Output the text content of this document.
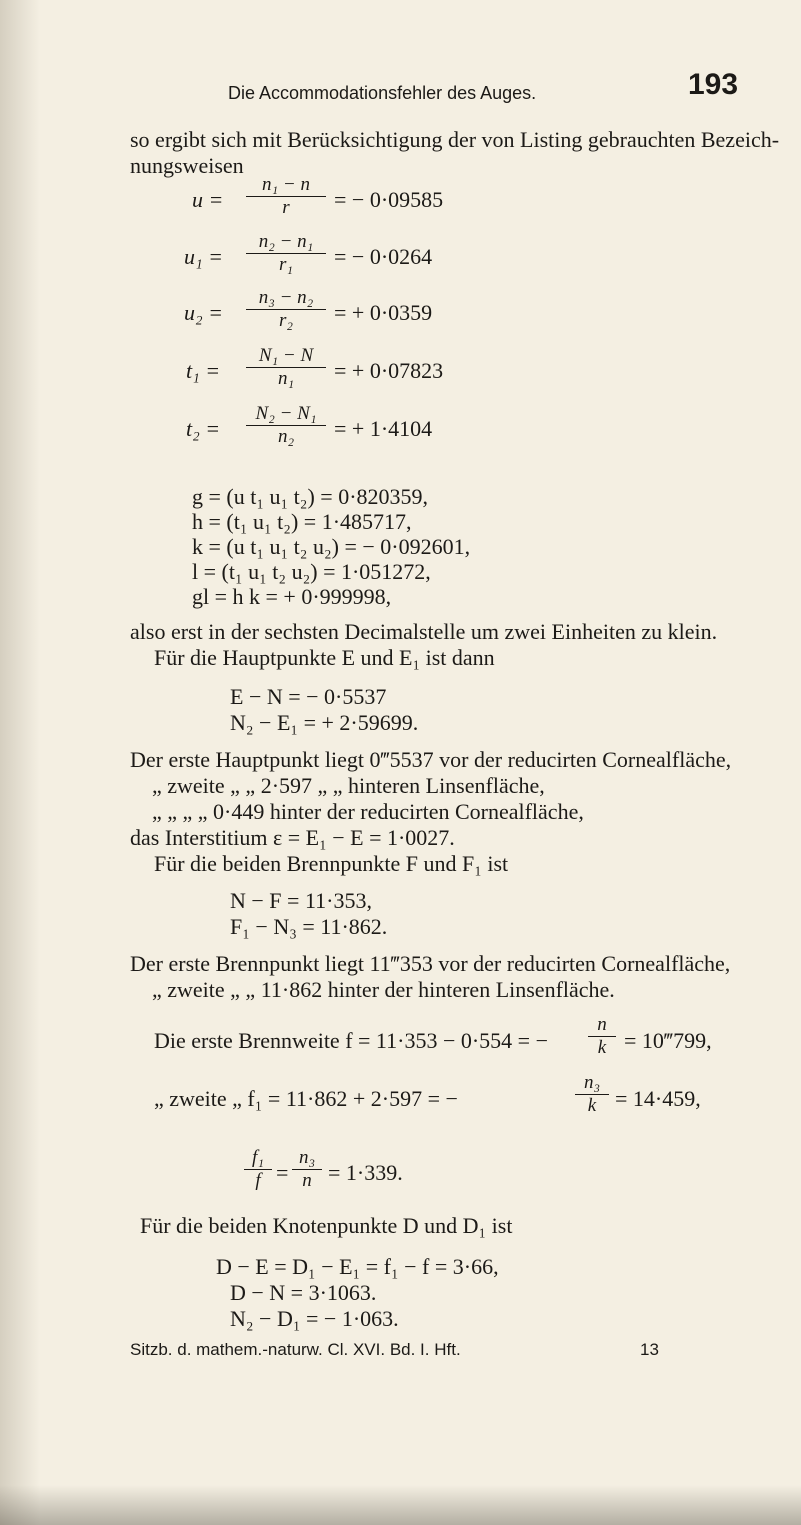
Die Accommodationsfehler des Auges.	193
so ergibt sich mit Berücksichtigung der von Listing gebrauchten Bezeich-
nungsweisen
$u = \frac{\text{n₁ − n}}{r}$ = − 0·09585
$u_1 = \frac{\text{n₂ − n₁}}{\text{r₁}}$ = − 0·0264
$u_2 = \frac{\text{n₃ − n₂}}{\text{r₂}}$ = + 0·0359
$t_1 = \frac{\text{N₁ − N}}{\text{n₁}}$ = + 0·07823
$t_2 = \frac{\text{N₂ − N₁}}{\text{n₂}}$ = + 1·4104
g = (u t₁ u₁ t₂) = 0·820359,
h = (t₁ u₁ t₂) = 1·485717,
k = (u t₁ u₁ t₂ u₂) = − 0·092601,
l = (t₁ u₁ t₂ u₂) = 1·051272,
gl = h k = + 0·999998,
also erst in der sechsten Decimalstelle um zwei Einheiten zu klein.
Für die Hauptpunkte E und E₁ ist dann
E − N = − 0·5537
N₂ − E₁ = + 2·59699.
Der erste Hauptpunkt liegt 0‴5537 vor der reducirten Cornealfläche,
„ zweite „ „ 2·597 „ „ hinteren Linsenfläche,
„ „ „ „ 0·449 hinter der reducirten Cornealfläche,
das Interstitium ε = E₁ − E = 1·0027.
Für die beiden Brennpunkte F und F₁ ist
N − F = 11·353,
F₁ − N₃ = 11·862.
Der erste Brennpunkt liegt 11‴353 vor der reducirten Cornealfläche,
„ zweite „ „ 11·862 hinter der hinteren Linsenfläche.
Die erste Brennweite f = 11·353 − 0·554 = − $\frac{n}{k}$ = 10‴799,
„ zweite „ f₁ = 11·862 + 2·597 = −	$\frac{\text{n₃}}{k} = 14\cdot 459$,
$\frac{\text{f₁}}{f} = \frac{\text{n₃}}{n} = 1\cdot 339$.
Für die beiden Knotenpunkte D und D₁ ist
D − E = D₁ − E₁ = f₁ − f = 3·66,
D − N = 3·1063.
N₂ − D₁ = − 1·063.
Sitzb. d. mathem.-naturw. Cl. XVI. Bd. I. Hft.	13
